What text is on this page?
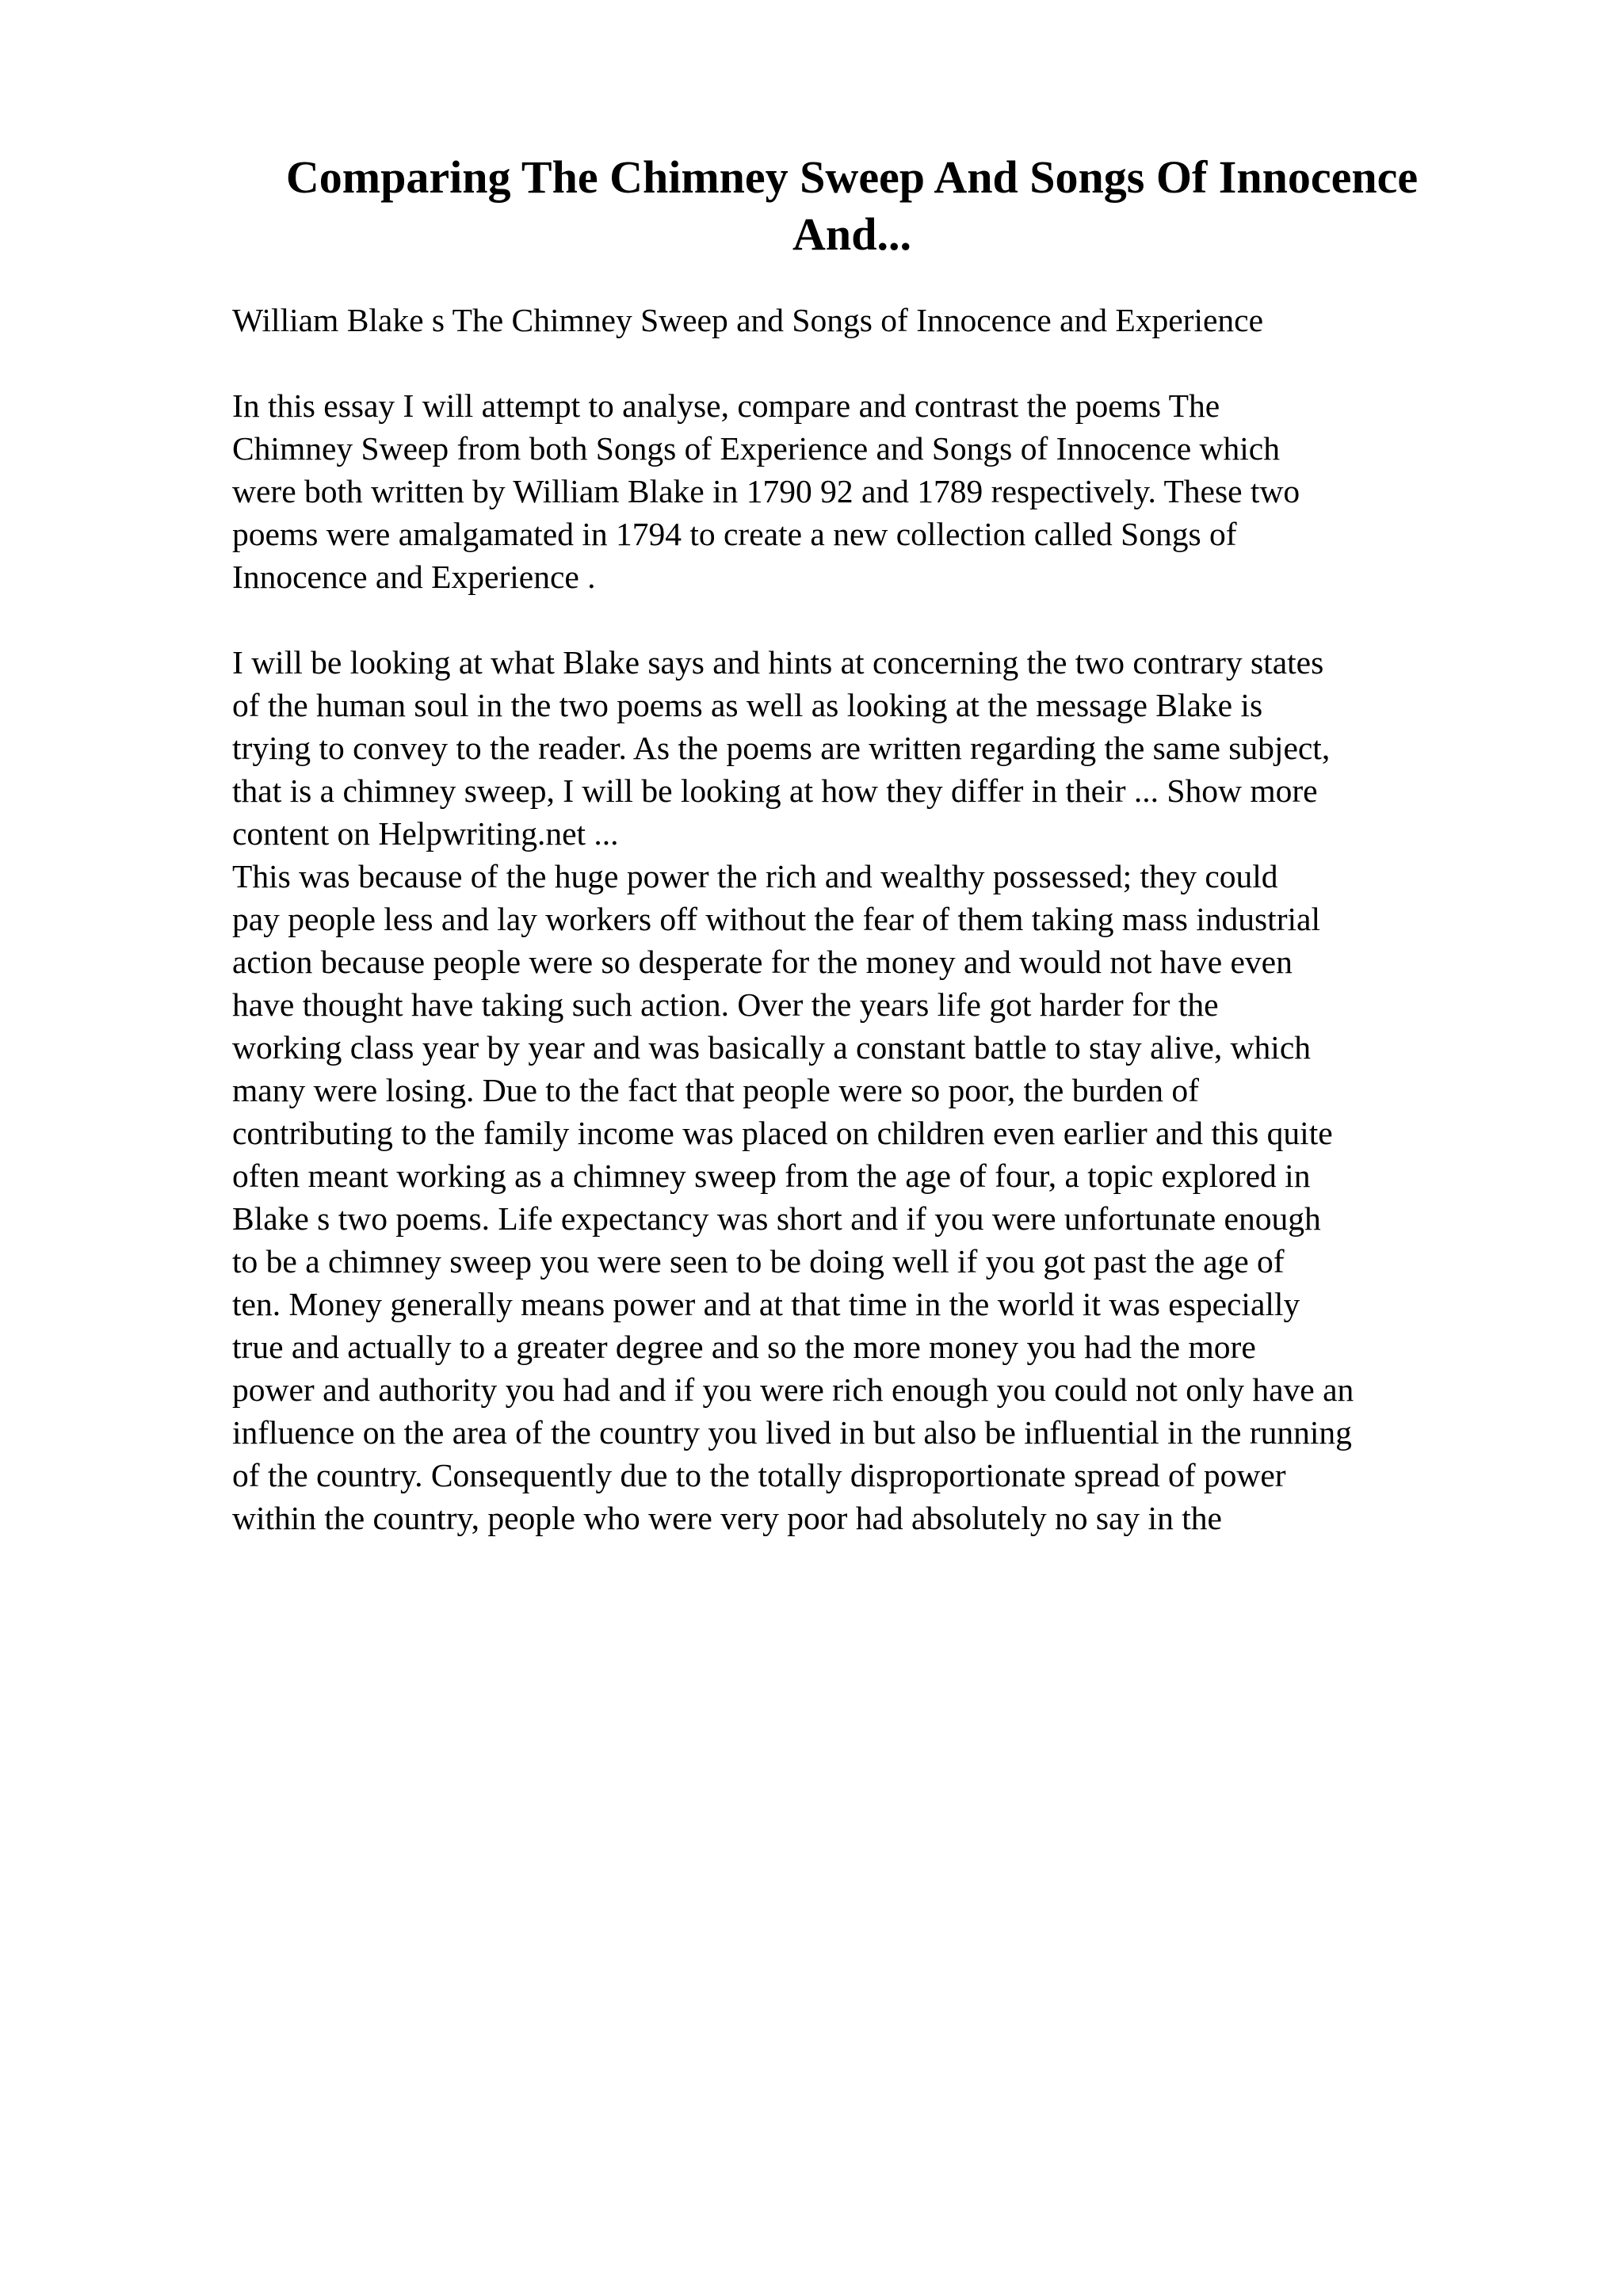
Comparing The Chimney Sweep And Songs Of Innocence
And...
William Blake s The Chimney Sweep and Songs of Innocence and Experience
In this essay I will attempt to analyse, compare and contrast the poems The
Chimney Sweep from both Songs of Experience and Songs of Innocence which
were both written by William Blake in 1790 92 and 1789 respectively. These two
poems were amalgamated in 1794 to create a new collection called Songs of
Innocence and Experience .
I will be looking at what Blake says and hints at concerning the two contrary states
of the human soul in the two poems as well as looking at the message Blake is
trying to convey to the reader. As the poems are written regarding the same subject,
that is a chimney sweep, I will be looking at how they differ in their ... Show more
content on Helpwriting.net ...
This was because of the huge power the rich and wealthy possessed; they could
pay people less and lay workers off without the fear of them taking mass industrial
action because people were so desperate for the money and would not have even
have thought have taking such action. Over the years life got harder for the
working class year by year and was basically a constant battle to stay alive, which
many were losing. Due to the fact that people were so poor, the burden of
contributing to the family income was placed on children even earlier and this quite
often meant working as a chimney sweep from the age of four, a topic explored in
Blake s two poems. Life expectancy was short and if you were unfortunate enough
to be a chimney sweep you were seen to be doing well if you got past the age of
ten. Money generally means power and at that time in the world it was especially
true and actually to a greater degree and so the more money you had the more
power and authority you had and if you were rich enough you could not only have an
influence on the area of the country you lived in but also be influential in the running
of the country. Consequently due to the totally disproportionate spread of power
within the country, people who were very poor had absolutely no say in the
